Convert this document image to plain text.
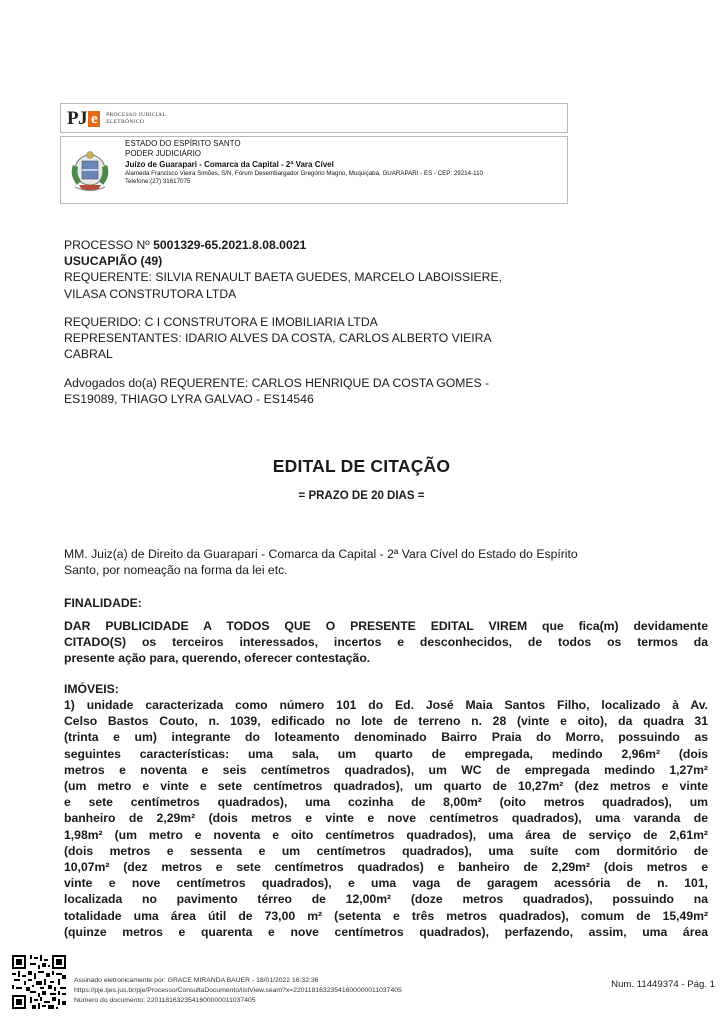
PJ e	PROCESSO JUDICIAL
ELETRÔNICO
ESTADO DO ESPÍRITO SANTO
PODER JUDICIÁRIO
Juízo de Guarapari - Comarca da Capital - 2ª Vara Cível
Alameda Francisco Vieira Simões, S/N, Fórum Desembargador Gregório Magno, Muquiçaba, GUARAPARI - ES - CEP: 29214-110
Telefone:(27) 31617075
PROCESSO Nº 5001329-65.2021.8.08.0021
USUCAPIÃO (49)
REQUERENTE: SILVIA RENAULT BAETA GUEDES, MARCELO LABOISSIERE,
VILASA CONSTRUTORA LTDA
REQUERIDO: C I CONSTRUTORA E IMOBILIARIA LTDA
REPRESENTANTES: IDARIO ALVES DA COSTA, CARLOS ALBERTO VIEIRA
CABRAL
Advogados do(a) REQUERENTE: CARLOS HENRIQUE DA COSTA GOMES -
ES19089, THIAGO LYRA GALVAO - ES14546
EDITAL DE CITAÇÃO
= PRAZO DE 20 DIAS =
MM. Juiz(a) de Direito da Guarapari - Comarca da Capital - 2ª Vara Cível do Estado do Espírito
Santo, por nomeação na forma da lei etc.
FINALIDADE:
DAR PUBLICIDADE A TODOS QUE O PRESENTE EDITAL VIREM que fica(m) devidamente
CITADO(S) os terceiros interessados, incertos e desconhecidos, de todos os termos da
presente ação para, querendo, oferecer contestação.
IMÓVEIS:
1) unidade caracterizada como número 101 do Ed. José Maia Santos Filho, localizado à Av.
Celso Bastos Couto, n. 1039, edificado no lote de terreno n. 28 (vinte e oito), da quadra 31
(trinta e um) integrante do loteamento denominado Bairro Praia do Morro, possuindo as
seguintes características: uma sala, um quarto de empregada, medindo 2,96m² (dois
metros e noventa e seis centímetros quadrados), um WC de empregada medindo 1,27m²
(um metro e vinte e sete centímetros quadrados), um quarto de 10,27m² (dez metros e vinte
e sete centímetros quadrados), uma cozinha de 8,00m² (oito metros quadrados), um
banheiro de 2,29m² (dois metros e vinte e nove centímetros quadrados), uma varanda de
1,98m² (um metro e noventa e oito centímetros quadrados), uma área de serviço de 2,61m²
(dois metros e sessenta e um centímetros quadrados), uma suíte com dormitório de
10,07m² (dez metros e sete centímetros quadrados) e banheiro de 2,29m² (dois metros e
vinte e nove centímetros quadrados), e uma vaga de garagem acessória de n. 101,
localizada no pavimento térreo de 12,00m² (doze metros quadrados), possuindo na
totalidade uma área útil de 73,00 m² (setenta e três metros quadrados), comum de 15,49m²
(quinze metros e quarenta e nove centímetros quadrados), perfazendo, assim, uma área
Assinado eletronicamente por: GRACE MIRANDA BAUER - 18/01/2022 16:32:36
https://pje.tjes.jus.br/pje/Processo/ConsultaDocumento/listView.seam?x=22011816323541600000011037405
Número do documento: 22011816323541600000011037405
Num. 11449374 - Pág. 1
